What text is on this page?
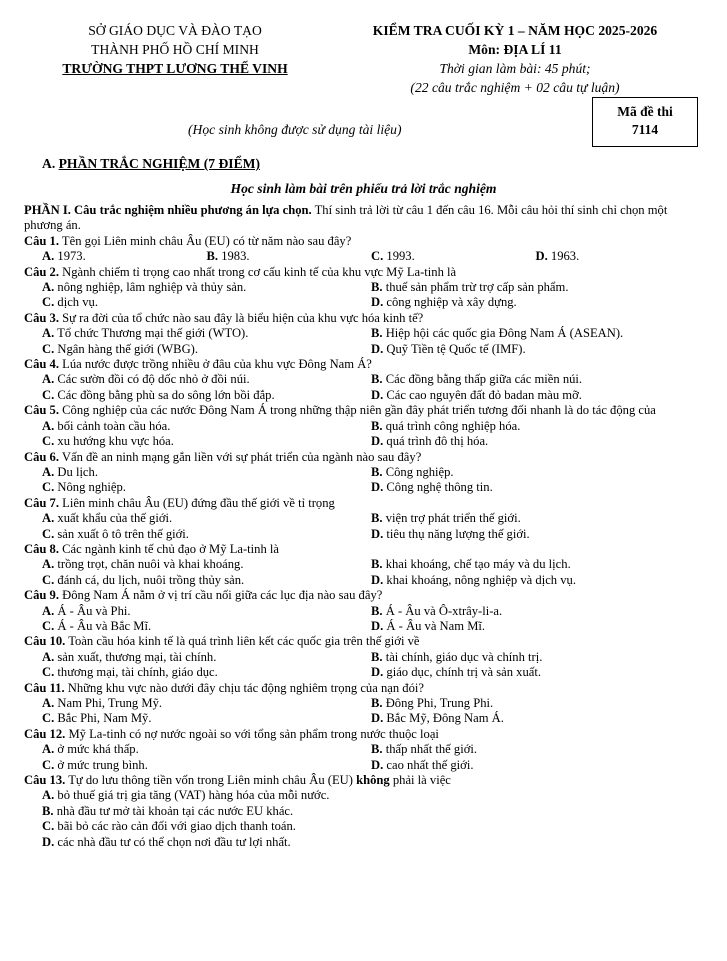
SỞ GIÁO DỤC VÀ ĐÀO TẠO
THÀNH PHỐ HỒ CHÍ MINH
TRƯỜNG THPT LƯƠNG THẾ VINH
KIỂM TRA CUỐI KỲ 1 – NĂM HỌC 2025-2026
Môn: ĐỊA LÍ 11
Thời gian làm bài: 45 phút;
(22 câu trắc nghiệm + 02 câu tự luận)
(Học sinh không được sử dụng tài liệu)
Mã đề thi
7114
A. PHẦN TRẮC NGHIỆM (7 ĐIỂM)
Học sinh làm bài trên phiếu trả lời trắc nghiệm
PHẦN I. Câu trắc nghiệm nhiều phương án lựa chọn. Thí sinh trả lời từ câu 1 đến câu 16. Mỗi câu hỏi thí sinh chỉ chọn một phương án.
Câu 1. Tên gọi Liên minh châu Âu (EU) có từ năm nào sau đây?
A. 1973.	B. 1983.	C. 1993.	D. 1963.
Câu 2. Ngành chiếm tỉ trọng cao nhất trong cơ cấu kinh tế của khu vực Mỹ La-tinh là
A. nông nghiệp, lâm nghiệp và thủy sản.	B. thuế sản phẩm trừ trợ cấp sản phẩm.
C. dịch vụ.	D. công nghiệp và xây dựng.
Câu 3. Sự ra đời của tổ chức nào sau đây là biểu hiện của khu vực hóa kinh tế?
A. Tổ chức Thương mại thế giới (WTO).	B. Hiệp hội các quốc gia Đông Nam Á (ASEAN).
C. Ngân hàng thế giới (WBG).	D. Quỹ Tiền tệ Quốc tế (IMF).
Câu 4. Lúa nước được trồng nhiều ở đâu của khu vực Đông Nam Á?
A. Các sườn đồi có độ dốc nhỏ ở đồi núi.	B. Các đồng bằng thấp giữa các miền núi.
C. Các đồng bằng phù sa do sông lớn bồi đắp.	D. Các cao nguyên đất đỏ badan màu mỡ.
Câu 5. Công nghiệp của các nước Đông Nam Á trong những thập niên gần đây phát triển tương đối nhanh là do tác động của
A. bối cảnh toàn cầu hóa.	B. quá trình công nghiệp hóa.
C. xu hướng khu vực hóa.	D. quá trình đô thị hóa.
Câu 6. Vấn đề an ninh mạng gắn liền với sự phát triển của ngành nào sau đây?
A. Du lịch.	B. Công nghiệp.
C. Nông nghiệp.	D. Công nghệ thông tin.
Câu 7. Liên minh châu Âu (EU) đứng đầu thế giới về tỉ trọng
A. xuất khẩu của thế giới.	B. viện trợ phát triển thế giới.
C. sản xuất ô tô trên thế giới.	D. tiêu thụ năng lượng thế giới.
Câu 8. Các ngành kinh tế chủ đạo ở Mỹ La-tinh là
A. trồng trọt, chăn nuôi và khai khoáng.	B. khai khoáng, chế tạo máy và du lịch.
C. đánh cá, du lịch, nuôi trồng thủy sản.	D. khai khoáng, nông nghiệp và dịch vụ.
Câu 9. Đông Nam Á nằm ở vị trí cầu nối giữa các lục địa nào sau đây?
A. Á - Âu và Phi.	B. Á - Âu và Ô-xtrây-li-a.
C. Á - Âu và Bắc Mĩ.	D. Á - Âu và Nam Mĩ.
Câu 10. Toàn cầu hóa kinh tế là quá trình liên kết các quốc gia trên thế giới về
A. sản xuất, thương mại, tài chính.	B. tài chính, giáo dục và chính trị.
C. thương mại, tài chính, giáo dục.	D. giáo dục, chính trị và sản xuất.
Câu 11. Những khu vực nào dưới đây chịu tác động nghiêm trọng của nạn đói?
A. Nam Phi, Trung Mỹ.	B. Đông Phi, Trung Phi.
C. Bắc Phi, Nam Mỹ.	D. Bắc Mỹ, Đông Nam Á.
Câu 12. Mỹ La-tinh có nợ nước ngoài so với tổng sản phẩm trong nước thuộc loại
A. ở mức khá thấp.	B. thấp nhất thế giới.
C. ở mức trung bình.	D. cao nhất thế giới.
Câu 13. Tự do lưu thông tiền vốn trong Liên minh châu Âu (EU) không phải là việc
A. bỏ thuế giá trị gia tăng (VAT) hàng hóa của mỗi nước.
B. nhà đầu tư mở tài khoản tại các nước EU khác.
C. bãi bỏ các rào cản đối với giao dịch thanh toán.
D. các nhà đầu tư có thể chọn nơi đầu tư lợi nhất.
